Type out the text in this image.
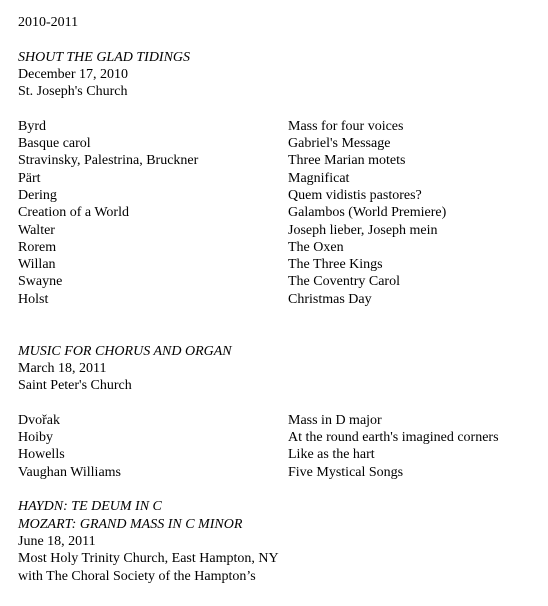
2010-2011
SHOUT THE GLAD TIDINGS
December 17, 2010
St. Joseph's Church
Byrd	Mass for four voices
Basque carol	Gabriel's Message
Stravinsky, Palestrina, Bruckner	Three Marian motets
Pärt	Magnificat
Dering	Quem vidistis pastores?
Creation of a World	Galambos (World Premiere)
Walter	Joseph lieber, Joseph mein
Rorem	The Oxen
Willan	The Three Kings
Swayne	The Coventry Carol
Holst	Christmas Day
MUSIC FOR CHORUS AND ORGAN
March 18, 2011
Saint Peter's Church
Dvořak	Mass in D major
Hoiby	At the round earth's imagined corners
Howells	Like as the hart
Vaughan Williams	Five Mystical Songs
HAYDN: TE DEUM IN C
MOZART: GRAND MASS IN C MINOR
June 18, 2011
Most Holy Trinity Church, East Hampton, NY
with The Choral Society of the Hampton’s
